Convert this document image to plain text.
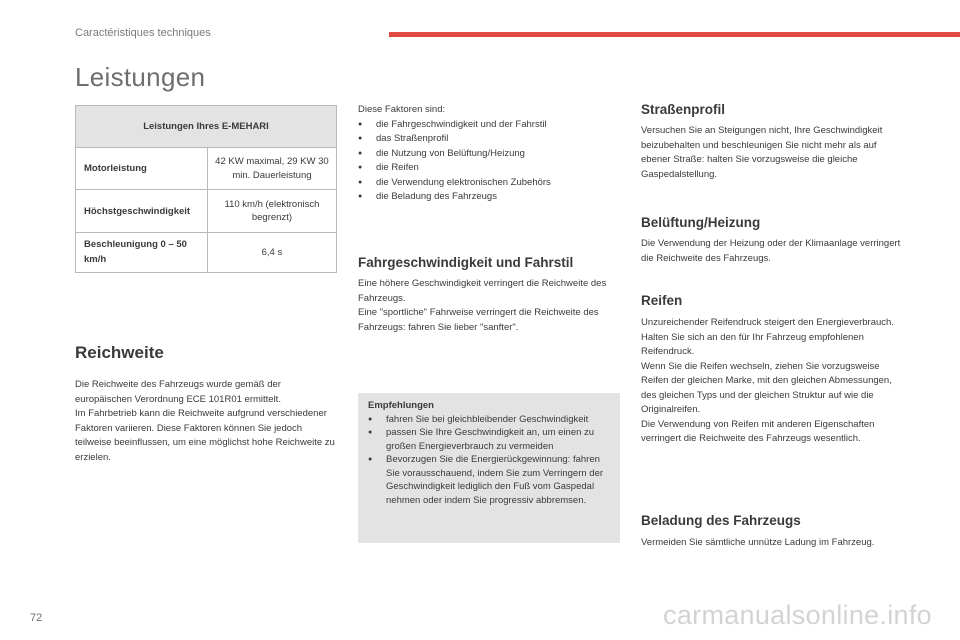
Caractéristiques techniques
Leistungen
Leistungen Ihres E-MEHARI	
Motorleistung	42 KW maximal, 29 KW 30 min. Dauerleistung
Höchstgeschwindigkeit	110 km/h (elektronisch begrenzt)
Beschleunigung 0 – 50 km/h	6,4 s
Reichweite

Die Reichweite des Fahrzeugs wurde gemäß der europäischen Verordnung ECE 101R01 ermittelt.

Im Fahrbetrieb kann die Reichweite aufgrund verschiedener Faktoren variieren. Diese Faktoren können Sie jedoch teilweise beeinflussen, um eine möglichst hohe Reichweite zu erzielen.

Diese Faktoren sind:

● die Fahrgeschwindigkeit und der Fahrstil
● das Straßenprofil
● die Nutzung von Belüftung/Heizung
● die Reifen
● die Verwendung elektronischen Zubehörs
● die Beladung des Fahrzeugs
Fahrgeschwindigkeit und Fahrstil

Eine höhere Geschwindigkeit verringert die Reichweite des Fahrzeugs.

Eine "sportliche" Fahrweise verringert die Reichweite des Fahrzeugs: fahren Sie lieber "sanfter".

Empfehlungen

● fahren Sie bei gleichbleibender Geschwindigkeit
● passen Sie Ihre Geschwindigkeit an, um einen zu großen Energieverbrauch zu vermeiden
● Bevorzugen Sie die Energierückgewinnung: fahren Sie vorausschauend, indem Sie zum Verringern der Geschwindigkeit lediglich den Fuß vom Gaspedal nehmen oder indem Sie progressiv abbremsen.
Straßenprofil

Versuchen Sie an Steigungen nicht, Ihre Geschwindigkeit beizubehalten und beschleunigen Sie nicht mehr als auf ebener Straße: halten Sie vorzugsweise die gleiche Gaspedalstellung.

Belüftung/Heizung

Die Verwendung der Heizung oder der Klimaanlage verringert die Reichweite des Fahrzeugs.

Reifen

Unzureichender Reifendruck steigert den Energieverbrauch.

Halten Sie sich an den für Ihr Fahrzeug empfohlenen Reifendruck.

Wenn Sie die Reifen wechseln, ziehen Sie vorzugsweise Reifen der gleichen Marke, mit den gleichen Abmessungen, des gleichen Typs und der gleichen Struktur auf wie die Originalreifen.

Die Verwendung von Reifen mit anderen Eigenschaften verringert die Reichweite des Fahrzeugs wesentlich.

Beladung des Fahrzeugs

Vermeiden Sie sämtliche unnütze Ladung im Fahrzeug.

72	carmanualsonline.info
